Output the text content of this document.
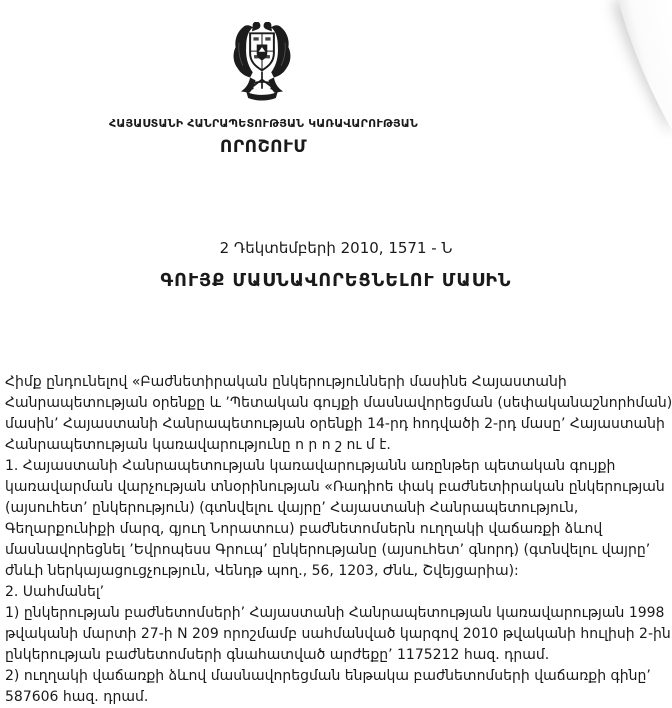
ՀԱՅԱՍՏԱՆԻ ՀԱՆՐԱՊԵՏՈՒԹՅԱՆ ԿԱՌԱՎԱՐՈՒԹՅԱՆ
ՈՐՈՇՈՒՄ
2 Դեկտեմբերի 2010, 1571 - Ն
ԳՈՒՅՔ ՄԱՍՆԱՎՈՐԵՑՆԵԼՈՒ ՄԱՍԻՆ
Հիմք ընդունելով «Բաժնետիրական ընկերությունների մասինե Հայաստանի
Հանրապետության օրենքը և ’Պետական գույքի մասնավորեցման (սեփականաշնորհման)
մասին’ Հայաստանի Հանրապետության օրենքի 14-րդ հոդվածի 2-րդ մասը’ Հայաստանի
Հանրապետության կառավարությունը ո ր ո շ ու մ է.
1. Հայաստանի Հանրապետության կառավարությանն առընթեր պետական գույքի
կառավարման վարչության տնօրինության «Ռադիոե փակ բաժնետիրական ընկերության
(այսուհետ’ ընկերություն) (գտնվելու վայրը’ Հայաստանի Հանրապետություն,
Գեղարքունիքի մարզ, գյուղ Նորատուս) բաժնետոմսերն ուղղակի վաճառքի ձևով
մասնավորեցնել ’Եվրոպեսս Գրուպ’ ընկերությանը (այսուհետ’ գնորդ) (գտնվելու վայրը’
ժնևի ներկայացուցչություն, Վենդթ պող., 56, 1203, Ժնև, Շվեյցարիա):
2. Սահմանել’
1) ընկերության բաժնետոմսերի’ Հայաստանի Հանրապետության կառավարության 1998
թվականի մարտի 27-ի N 209 որոշմամբ սահմանված կարգով 2010 թվականի հուլիսի 2-ին
ընկերության բաժնետոմսերի գնահատված արժեքը’ 1175212 հազ. դրամ.
2) ուղղակի վաճառքի ձևով մասնավորեցման ենթակա բաժնետոմսերի վաճառքի գինը’
587606 հազ. դրամ.
